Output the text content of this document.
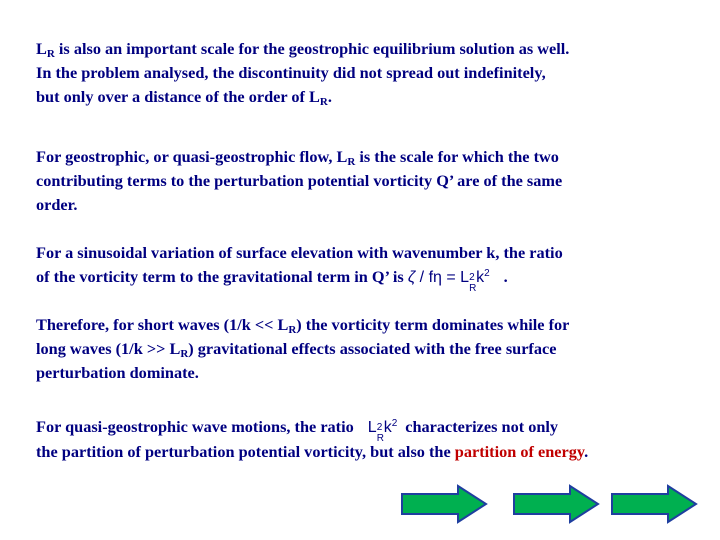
$L_R$ is also an important scale for the geostrophic equilibrium solution as well.
In the problem analysed, the discontinuity did not spread out indefinitely,
but only over a distance of the order of $L_R$.
For geostrophic, or quasi-geostrophic flow, $L_R$ is the scale for which the two
contributing terms to the perturbation potential vorticity Q’ are of the same
order.
For a sinusoidal variation of surface elevation with wavenumber k, the ratio
of the vorticity term to the gravitational term in Q’ is ζ / fη = L 2
R
$k^2$ .
Therefore, for short waves $(1/k << L_R)$ the vorticity term dominates while for
long waves $(1/k >> L_R)$ gravitational effects associated with the free surface
perturbation dominate.
For quasi-geostrophic wave motions, the ratio L 2
R
$k^2$ characterizes not only
the partition of perturbation potential vorticity, but also the partition of energy.
